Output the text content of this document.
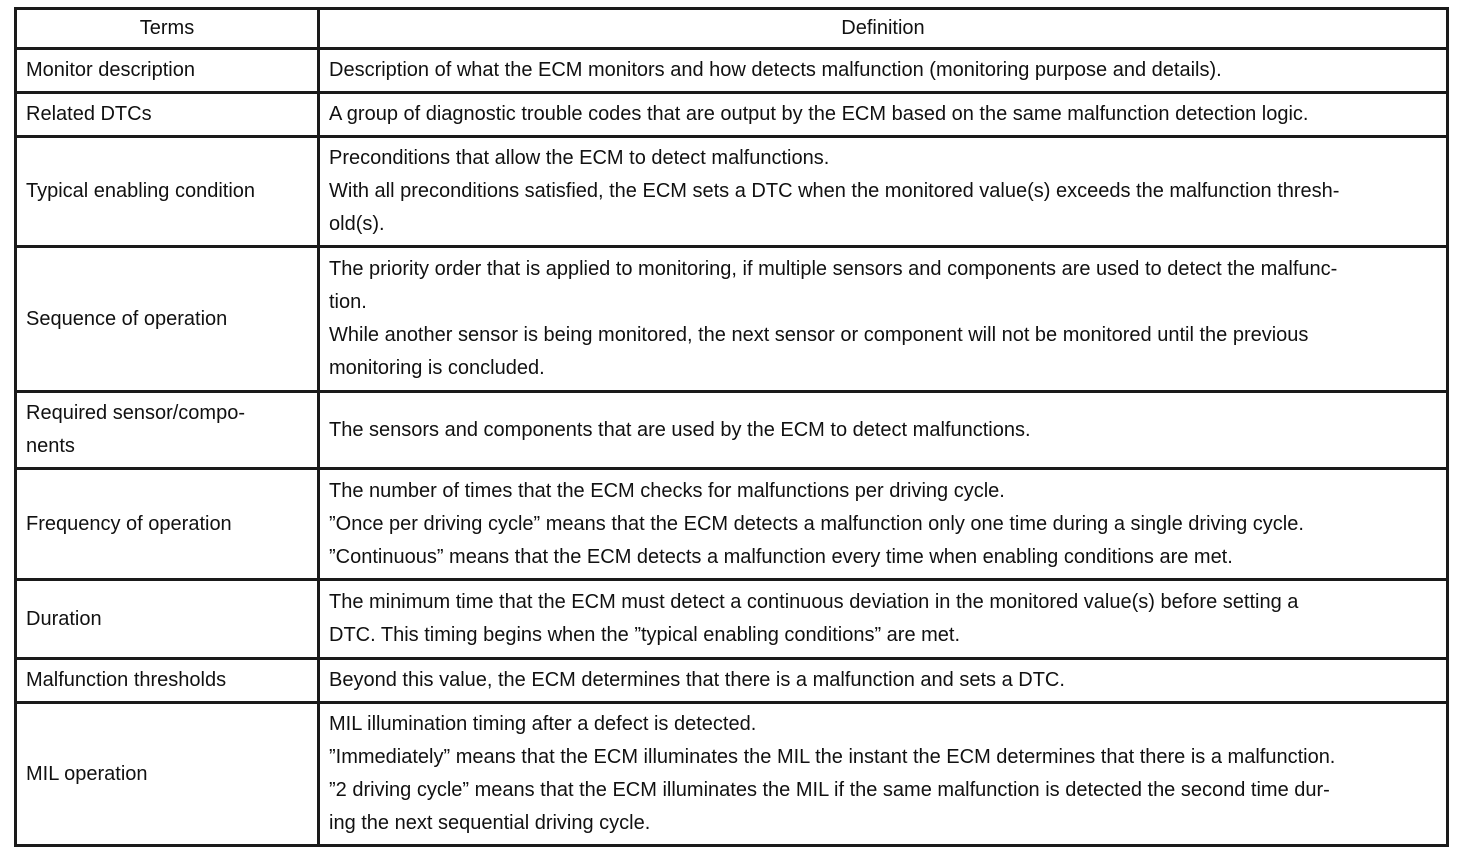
Terms	Definition

Monitor description	Description of what the ECM monitors and how detects malfunction (monitoring purpose and details).

Related DTCs	A group of diagnostic trouble codes that are output by the ECM based on the same malfunction detection logic.

Typical enabling condition	Preconditions that allow the ECM to detect malfunctions.
With all preconditions satisfied, the ECM sets a DTC when the monitored value(s) exceeds the malfunction thresh-
old(s).

Sequence of operation	The priority order that is applied to monitoring, if multiple sensors and components are used to detect the malfunc-
tion.
While another sensor is being monitored, the next sensor or component will not be monitored until the previous
monitoring is concluded.

Required sensor/compo-
nents	The sensors and components that are used by the ECM to detect malfunctions.

Frequency of operation	The number of times that the ECM checks for malfunctions per driving cycle.
”Once per driving cycle” means that the ECM detects a malfunction only one time during a single driving cycle.
”Continuous” means that the ECM detects a malfunction every time when enabling conditions are met.

Duration	The minimum time that the ECM must detect a continuous deviation in the monitored value(s) before setting a
DTC. This timing begins when the ”typical enabling conditions” are met.

Malfunction thresholds	Beyond this value, the ECM determines that there is a malfunction and sets a DTC.

MIL operation	MIL illumination timing after a defect is detected.
”Immediately” means that the ECM illuminates the MIL the instant the ECM determines that there is a malfunction.
”2 driving cycle” means that the ECM illuminates the MIL if the same malfunction is detected the second time dur-
ing the next sequential driving cycle.
